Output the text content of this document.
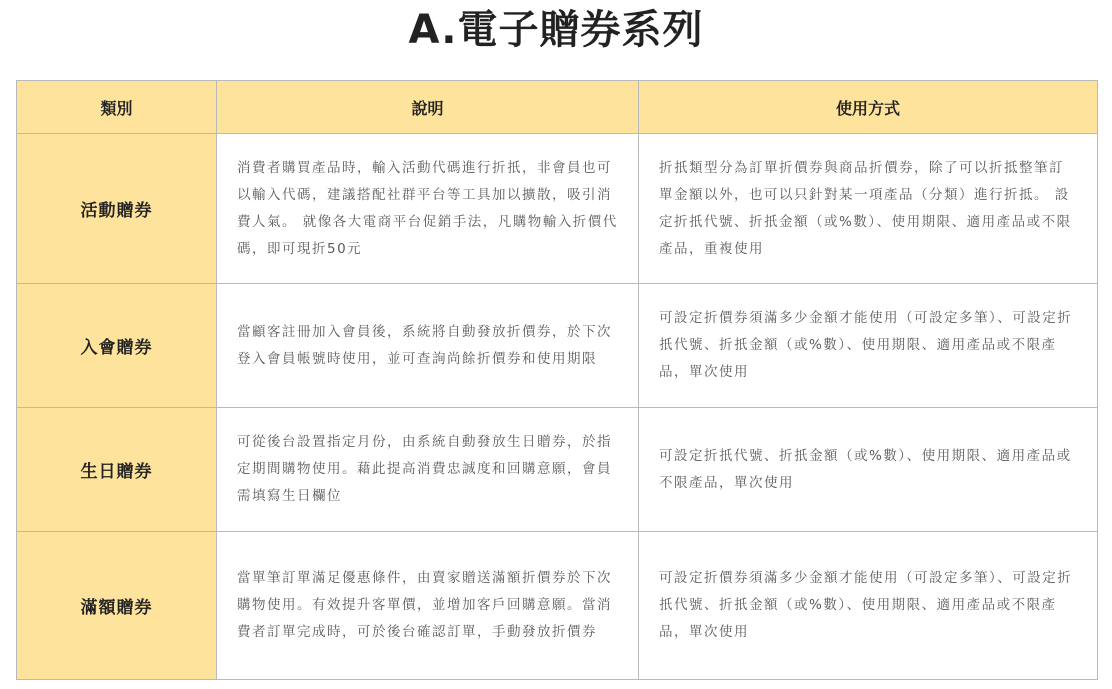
A.電子贈券系列
類別	說明	使用方式
活動贈券	消費者購買產品時，輸入活動代碼進行折扺，非會員也可以輸入代碼，建議搭配社群平台等工具加以擴散，吸引消費人氣。 就像各大電商平台促銷手法，凡購物輸入折價代碼，即可現折50元	折扺類型分為訂單折價券與商品折價券，除了可以折抵整筆訂單金額以外，也可以只針對某一項產品（分類）進行折抵。 設定折扺代號、折扺金額（或%數）、使用期限、適用產品或不限產品，重複使用
入會贈券	當顧客註冊加入會員後，系統將自動發放折價券，於下次登入會員帳號時使用，並可查詢尚餘折價券和使用期限	可設定折價券須滿多少金額才能使用（可設定多筆）、可設定折扺代號、折扺金額（或%數）、使用期限、適用產品或不限產品，單次使用
生日贈券	可從後台設置指定月份，由系統自動發放生日贈券，於指定期間購物使用。藉此提高消費忠誠度和回購意願，會員需填寫生日欄位	可設定折扺代號、折扺金額（或%數）、使用期限、適用產品或不限產品，單次使用
滿額贈券	當單筆訂單滿足優惠條件，由賣家贈送滿額折價券於下次購物使用。有效提升客單價，並增加客戶回購意願。當消費者訂單完成時，可於後台確認訂單，手動發放折價券	可設定折價券須滿多少金額才能使用（可設定多筆）、可設定折扺代號、折扺金額（或%數）、使用期限、適用產品或不限產品，單次使用
